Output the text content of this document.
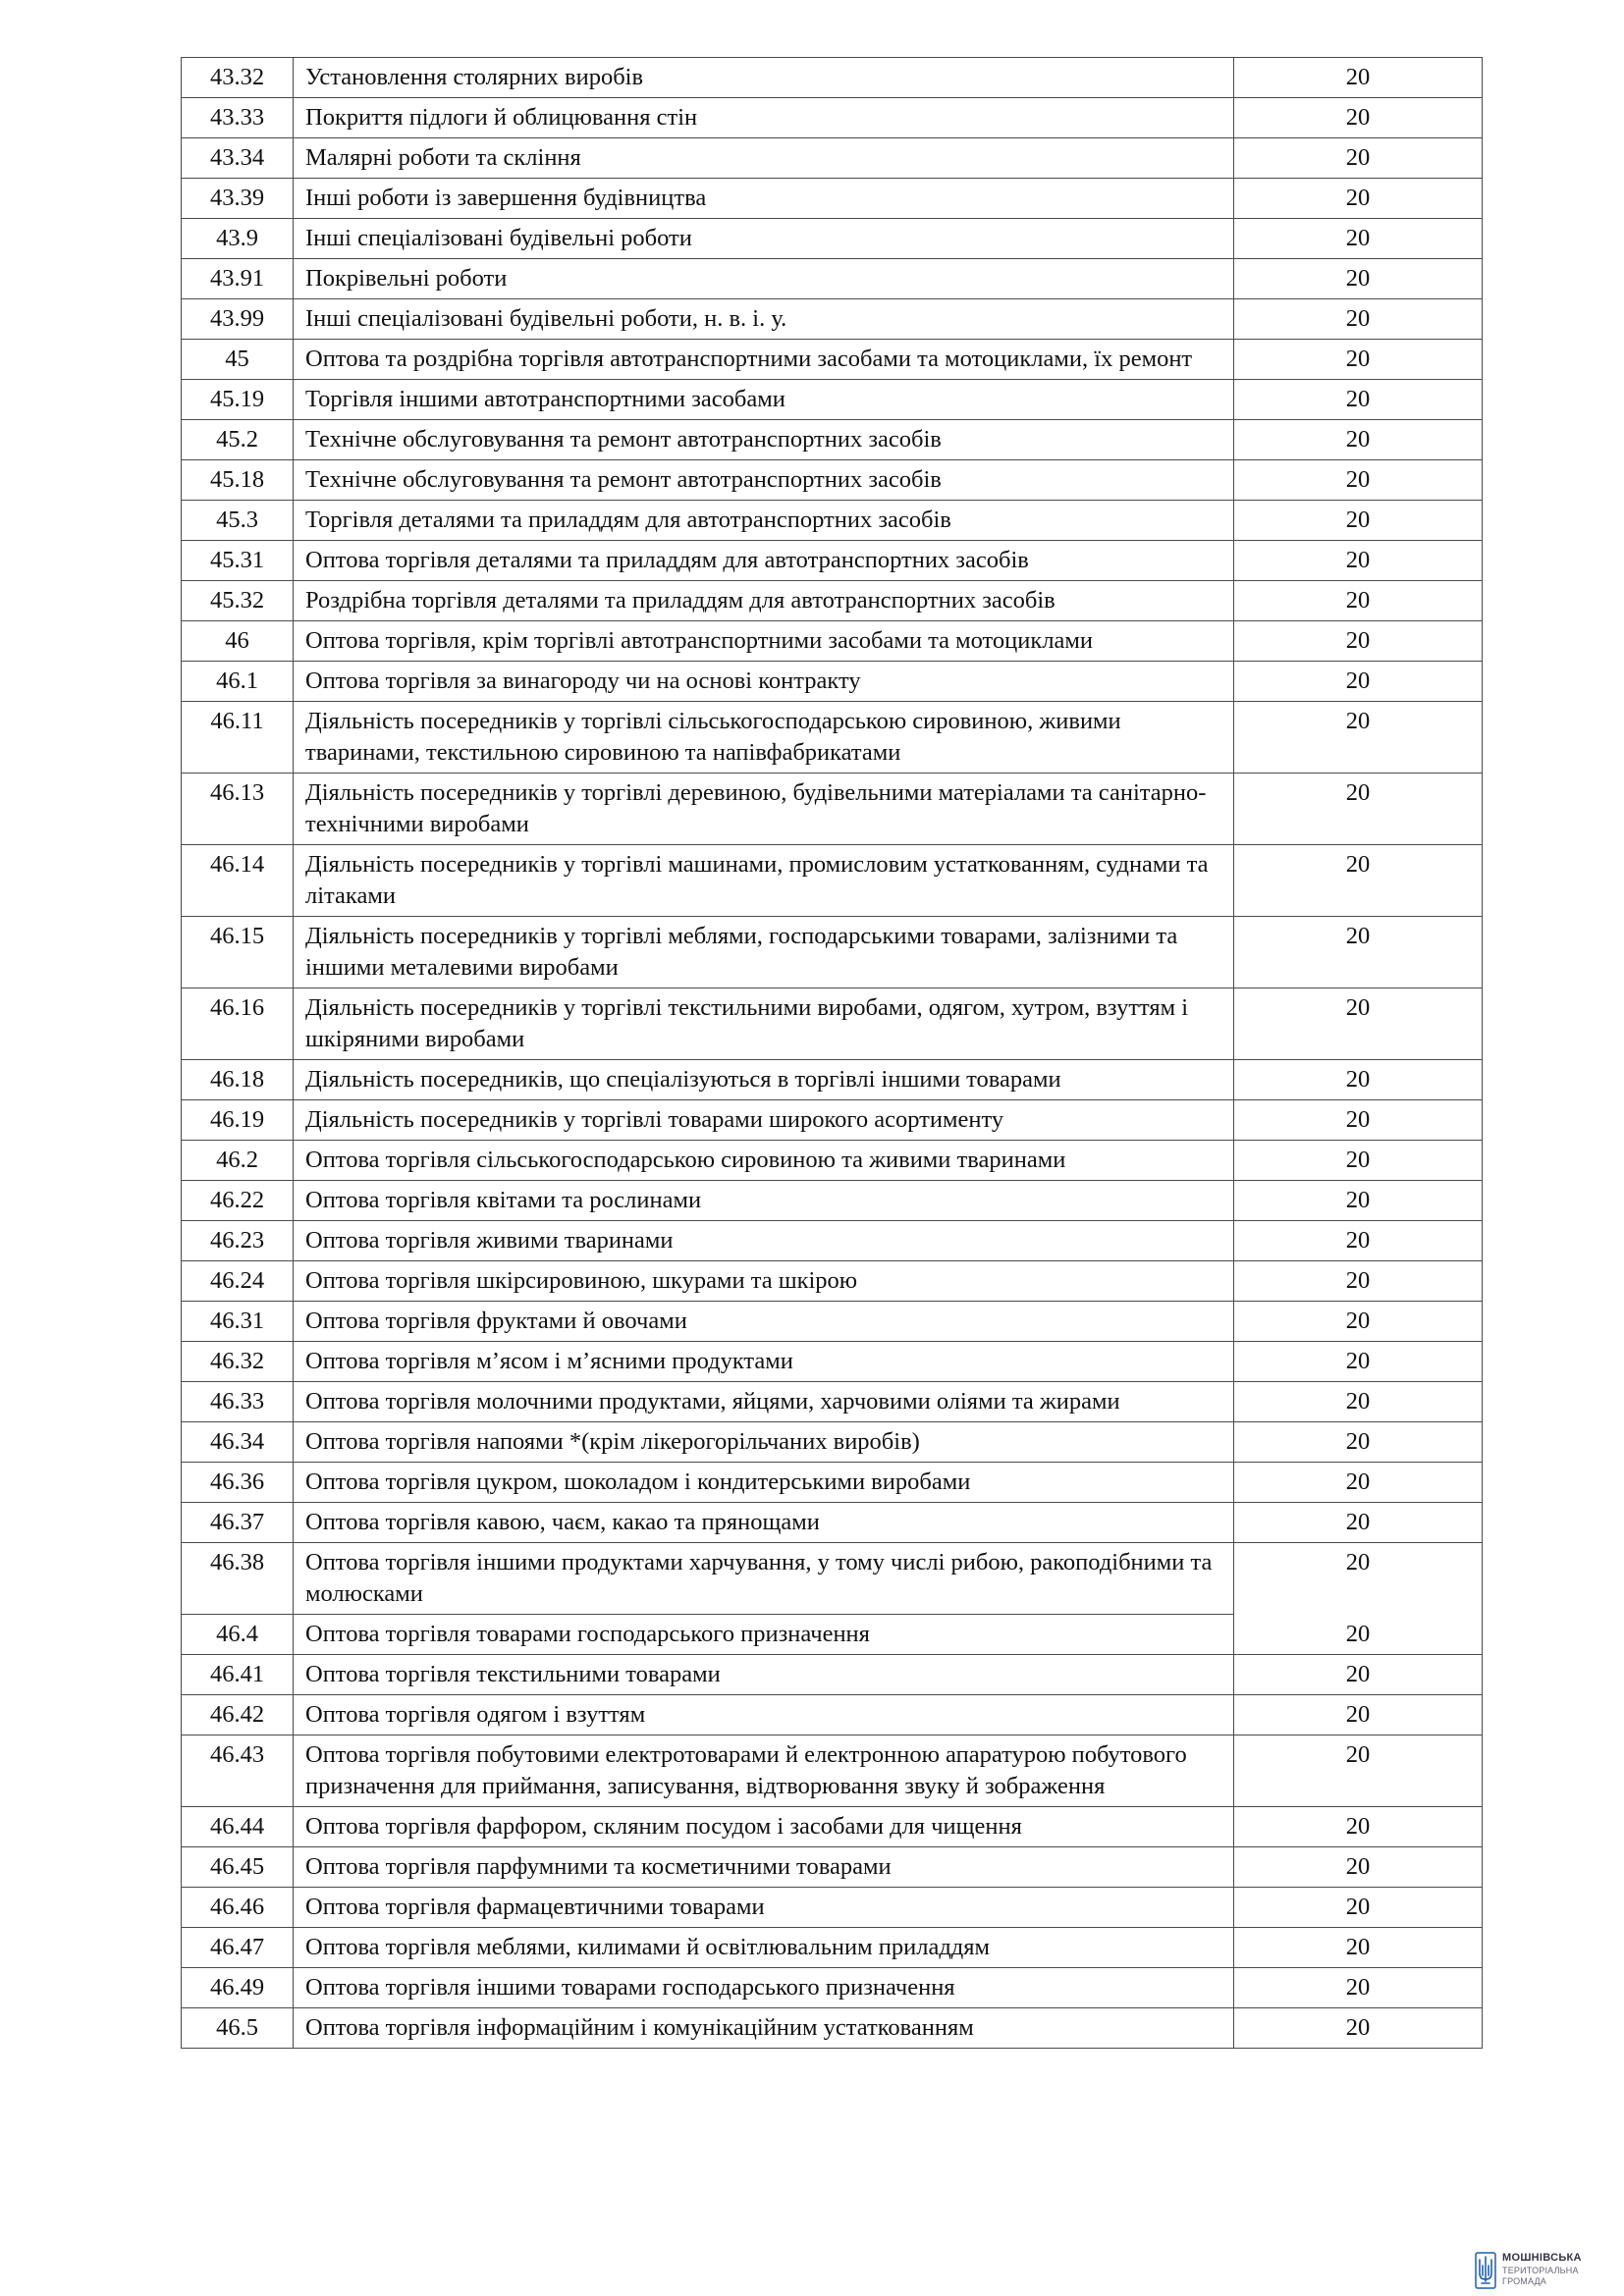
43.32	Установлення столярних виробів	20
43.33	Покриття підлоги й облицювання стін	20
43.34	Малярні роботи та скління	20
43.39	Інші роботи із завершення будівництва	20
43.9	Інші спеціалізовані будівельні роботи	20
43.91	Покрівельні роботи	20
43.99	Інші спеціалізовані будівельні роботи, н. в. і. у.	20
45	Оптова та роздрібна торгівля автотранспортними засобами та мотоциклами, їх ремонт	20
45.19	Торгівля іншими автотранспортними засобами	20
45.2	Технічне обслуговування та ремонт автотранспортних засобів	20
45.18	Технічне обслуговування та ремонт автотранспортних засобів	20
45.3	Торгівля деталями та приладдям для автотранспортних засобів	20
45.31	Оптова торгівля деталями та приладдям для автотранспортних засобів	20
45.32	Роздрібна торгівля деталями та приладдям для автотранспортних засобів	20
46	Оптова торгівля, крім торгівлі автотранспортними засобами та мотоциклами	20
46.1	Оптова торгівля за винагороду чи на основі контракту	20
46.11	Діяльність посередників у торгівлі сільськогосподарською сировиною, живими тваринами, текстильною сировиною та напівфабрикатами	20
46.13	Діяльність посередників у торгівлі деревиною, будівельними матеріалами та санітарно-технічними виробами	20
46.14	Діяльність посередників у торгівлі машинами, промисловим устаткованням, суднами та літаками	20
46.15	Діяльність посередників у торгівлі меблями, господарськими товарами, залізними та іншими металевими виробами	20
46.16	Діяльність посередників у торгівлі текстильними виробами, одягом, хутром, взуттям і шкіряними виробами	20
46.18	Діяльність посередників, що спеціалізуються в торгівлі іншими товарами	20
46.19	Діяльність посередників у торгівлі товарами широкого асортименту	20
46.2	Оптова торгівля сільськогосподарською сировиною та живими тваринами	20
46.22	Оптова торгівля квітами та рослинами	20
46.23	Оптова торгівля живими тваринами	20
46.24	Оптова торгівля шкірсировиною, шкурами та шкірою	20
46.31	Оптова торгівля фруктами й овочами	20
46.32	Оптова торгівля м’ясом і м’ясними продуктами	20
46.33	Оптова торгівля молочними продуктами, яйцями, харчовими оліями та жирами	20
46.34	Оптова торгівля напоями *(крім лікерогорільчаних виробів)	20
46.36	Оптова торгівля цукром, шоколадом і кондитерськими виробами	20
46.37	Оптова торгівля кавою, чаєм, какао та прянощами	20
46.38	Оптова торгівля іншими продуктами харчування, у тому числі рибою, ракоподібними та молюсками	20
46.4	Оптова торгівля товарами господарського призначення	20
46.41	Оптова торгівля текстильними товарами	20
46.42	Оптова торгівля одягом і взуттям	20
46.43	Оптова торгівля побутовими електротоварами й електронною апаратурою побутового призначення для приймання, записування, відтворювання звуку й зображення	20
46.44	Оптова торгівля фарфором, скляним посудом і засобами для чищення	20
46.45	Оптова торгівля парфумними та косметичними товарами	20
46.46	Оптова торгівля фармацевтичними товарами	20
46.47	Оптова торгівля меблями, килимами й освітлювальним приладдям	20
46.49	Оптова торгівля іншими товарами господарського призначення	20
46.5	Оптова торгівля інформаційним і комунікаційним устаткованням	20
МОШНІВСЬКА
ТЕРИТОРІАЛЬНА
ГРОМАДА
